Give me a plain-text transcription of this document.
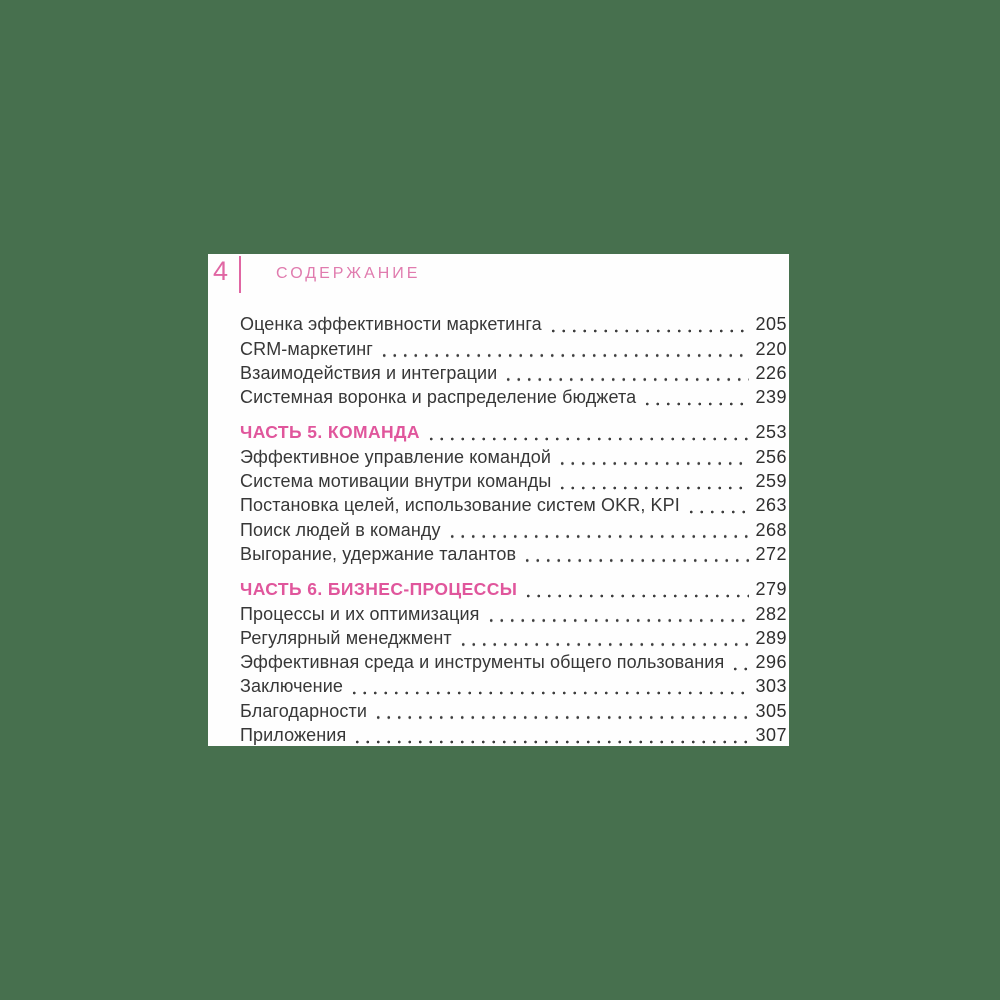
4	СОДЕРЖАНИЕ
Оценка эффективности маркетинга	205
CRM-маркетинг	220
Взаимодействия и интеграции	226
Системная воронка и распределение бюджета	239
ЧАСТЬ 5. КОМАНДА	253
Эффективное управление командой	256
Система мотивации внутри команды	259
Постановка целей, использование систем OKR, KPI	263
Поиск людей в команду	268
Выгорание, удержание талантов	272
ЧАСТЬ 6. БИЗНЕС-ПРОЦЕССЫ	279
Процессы и их оптимизация	282
Регулярный менеджмент	289
Эффективная среда и инструменты общего пользования 296
Заключение	303
Благодарности	305
Приложения	307
